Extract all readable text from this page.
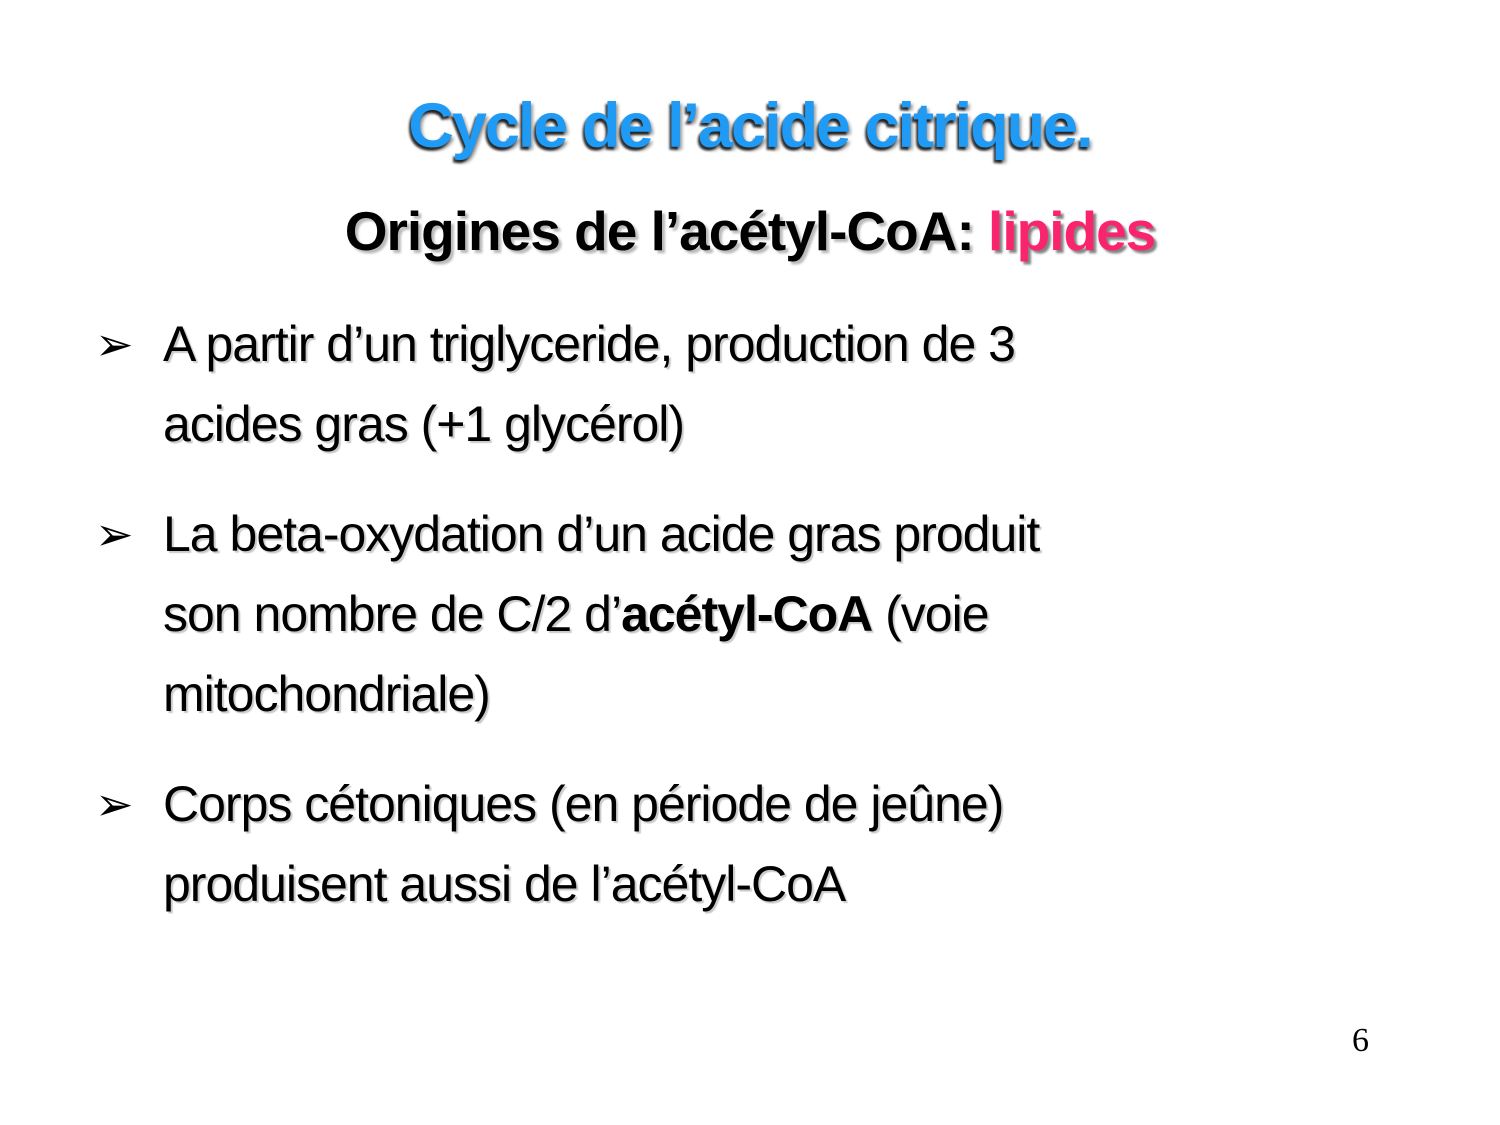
Cycle de l’acide citrique.
Origines de l’acétyl-CoA: lipides
➢ A partir d’un triglyceride, production de 3
acides gras (+1 glycérol)
➢ La beta-oxydation d’un acide gras produit
son nombre de C/2 d’acétyl-CoA (voie
mitochondriale)
➢ Corps cétoniques (en période de jeûne)
produisent aussi de l’acétyl-CoA
6
